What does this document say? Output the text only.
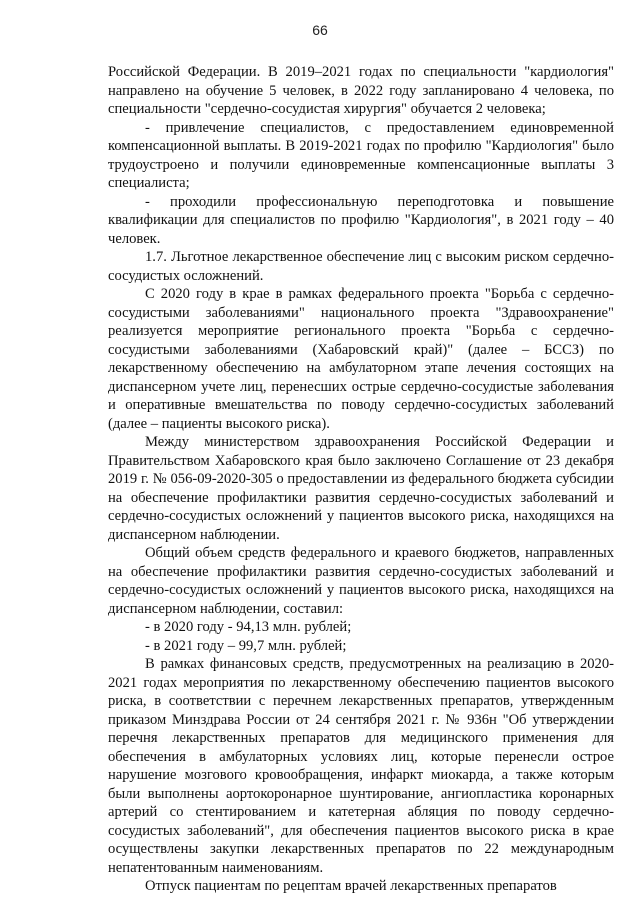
66

Российской Федерации. В 2019–2021 годах по специальности "кардиология" направлено на обучение 5 человек, в 2022 году запланировано 4 человека, по специальности "сердечно-сосудистая хирургия" обучается 2 человека;

- привлечение специалистов, с предоставлением единовременной компенсационной выплаты. В 2019-2021 годах по профилю "Кардиология" было трудоустроено и получили единовременные компенсационные выплаты 3 специалиста;

- проходили профессиональную переподготовка и повышение квалификации для специалистов по профилю "Кардиология", в 2021 году – 40 человек.

1.7. Льготное лекарственное обеспечение лиц с высоким риском сердечно-сосудистых осложнений.

С 2020 году в крае в рамках федерального проекта "Борьба с сердечно-сосудистыми заболеваниями" национального проекта "Здравоохранение" реализуется мероприятие регионального проекта "Борьба с сердечно-сосудистыми заболеваниями (Хабаровский край)" (далее – БССЗ) по лекарственному обеспечению на амбулаторном этапе лечения состоящих на диспансерном учете лиц, перенесших острые сердечно-сосудистые заболевания и оперативные вмешательства по поводу сердечно-сосудистых заболеваний (далее – пациенты высокого риска).

Между министерством здравоохранения Российской Федерации и Правительством Хабаровского края было заключено Соглашение от 23 декабря 2019 г. № 056-09-2020-305 о предоставлении из федерального бюджета субсидии на обеспечение профилактики развития сердечно-сосудистых заболеваний и сердечно-сосудистых осложнений у пациентов высокого риска, находящихся на диспансерном наблюдении.

Общий объем средств федерального и краевого бюджетов, направленных на обеспечение профилактики развития сердечно-сосудистых заболеваний и сердечно-сосудистых осложнений у пациентов высокого риска, находящихся на диспансерном наблюдении, составил:

- в 2020 году - 94,13 млн. рублей;

- в 2021 году – 99,7 млн. рублей;

В рамках финансовых средств, предусмотренных на реализацию в 2020-2021 годах мероприятия по лекарственному обеспечению пациентов высокого риска, в соответствии с перечнем лекарственных препаратов, утвержденным приказом Минздрава России от 24 сентября 2021 г. № 936н "Об утверждении перечня лекарственных препаратов для медицинского применения для обеспечения в амбулаторных условиях лиц, которые перенесли острое нарушение мозгового кровообращения, инфаркт миокарда, а также которым были выполнены аортокоронарное шунтирование, ангиопластика коронарных артерий со стентированием и катетерная абляция по поводу сердечно-сосудистых заболеваний", для обеспечения пациентов высокого риска в крае осуществлены закупки лекарственных препаратов по 22 международным непатентованным наименованиям.

Отпуск пациентам по рецептам врачей лекарственных препаратов
